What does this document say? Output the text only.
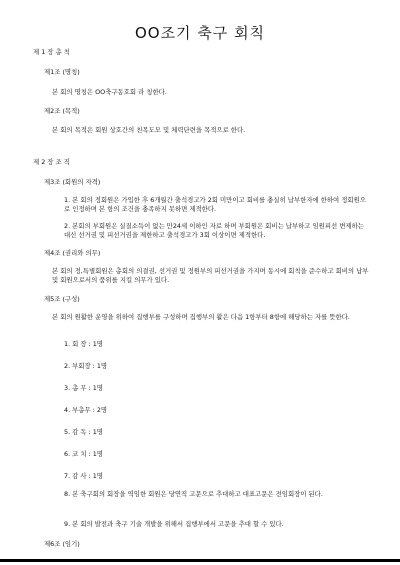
OO조기 축구 회칙
제 1 장 총 칙
제1조 (명칭)
본 회의 명칭은 OO축구동호회 라 칭한다.
제2조 (목적)
본 회의 목적은 회원 상호간의 친목도모 및 체력단련을 목적으로 한다.
제 2 장 조 직
제3조 (회원의 자격)
1. 본 회의 정회원은 가입한 후 6개월간 출석경고가 2회 미만이고 회비를 충실히 납부한자에 한하여 정회원으로 인정하며 본 항의 조건을 충족하지 못하면 제적한다.
2. 본회의 부회원은 실질소득이 없는 만24세 이하인 자로 하며 부회원은 회비는 납부하고 임원피선 변제하는 대신 선거권 및 피선거권을 제한하고 출석경고가 3회 이상이면 제적한다.
제4조 (권리와 의무)
본 회의 정,특별회원은 총회의 의결권, 선거권 및 정원부의 피선거권을 가지며 동시에 회칙을 준수하고 회비의 납부 및 회원으로서의 품위를 지킬 의무가 있다.
제5조 (구성)
본 회의 원활한 운영을 위하여 집행부를 구성하며 집행부의 활은 다음 1항부터 8항에 해당하는 자를 뜻한다.
1. 회 장 : 1명
2. 부회장 : 1명
3. 총 무 : 1명
4. 부총무 : 2명
5. 감 독 : 1명
6. 코 치 : 1명
7. 감 사 : 1명
8. 본 축구회의 회장을 역임한 회원은 당연직 고문으로 추대하고 대표고문은 전임회장이 된다.
9. 본 회의 발전과 축구 기술 개발을 위해서 집행부에서 고문을 추대 할 수 있다.
제6조 (임기)
